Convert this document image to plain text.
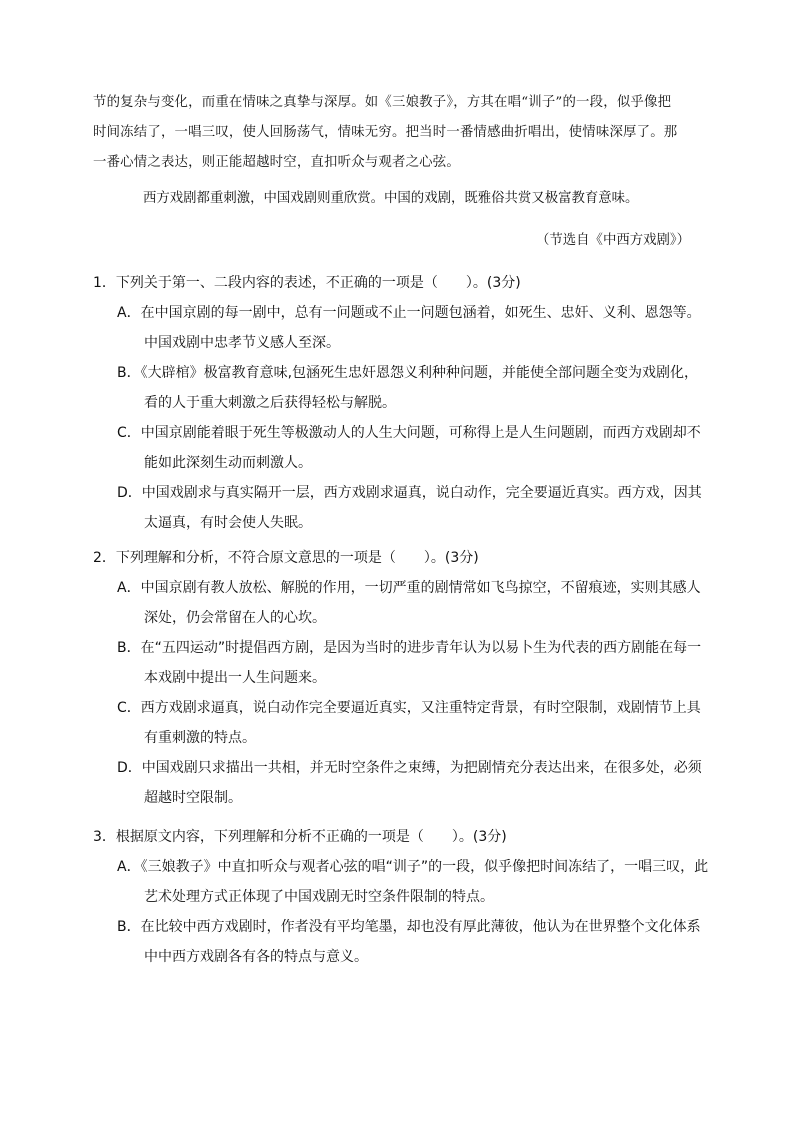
节的复杂与变化，而重在情味之真挚与深厚。如《三娘教子》，方其在唱“训子”的一段，似乎像把

时间冻结了，一唱三叹，使人回肠荡气，情味无穷。把当时一番情感曲折唱出，使情味深厚了。那

一番心情之表达，则正能超越时空，直扣听众与观者之心弦。

西方戏剧都重刺激，中国戏剧则重欣赏。中国的戏剧，既雅俗共赏又极富教育意味。
（节选自《中西方戏剧》）
1．下列关于第一、二段内容的表述，不正确的一项是（　　）。(3分)
A．在中国京剧的每一剧中，总有一问题或不止一问题包涵着，如死生、忠奸、义利、恩怨等。
中国戏剧中忠孝节义感人至深。
B．《大辟棺》极富教育意味,包涵死生忠奸恩怨义利种种问题，并能使全部问题全变为戏剧化，
看的人于重大刺激之后获得轻松与解脱。
C．中国京剧能着眼于死生等极激动人的人生大问题，可称得上是人生问题剧，而西方戏剧却不
能如此深刻生动而刺激人。
D．中国戏剧求与真实隔开一层，西方戏剧求逼真，说白动作，完全要逼近真实。西方戏，因其
太逼真，有时会使人失眠。
2．下列理解和分析，不符合原文意思的一项是（　　）。(3分)
A．中国京剧有教人放松、解脱的作用，一切严重的剧情常如飞鸟掠空，不留痕迹，实则其感人
深处，仍会常留在人的心坎。
B．在“五四运动”时提倡西方剧，是因为当时的进步青年认为以易卜生为代表的西方剧能在每一
本戏剧中提出一人生问题来。
C．西方戏剧求逼真，说白动作完全要逼近真实，又注重特定背景，有时空限制，戏剧情节上具
有重刺激的特点。
D．中国戏剧只求描出一共相，并无时空条件之束缚，为把剧情充分表达出来，在很多处，必须
超越时空限制。
3．根据原文内容，下列理解和分析不正确的一项是（　　）。(3分)
A．《三娘教子》中直扣听众与观者心弦的唱“训子”的一段，似乎像把时间冻结了，一唱三叹，此
艺术处理方式正体现了中国戏剧无时空条件限制的特点。
B．在比较中西方戏剧时，作者没有平均笔墨，却也没有厚此薄彼，他认为在世界整个文化体系
中中西方戏剧各有各的特点与意义。
